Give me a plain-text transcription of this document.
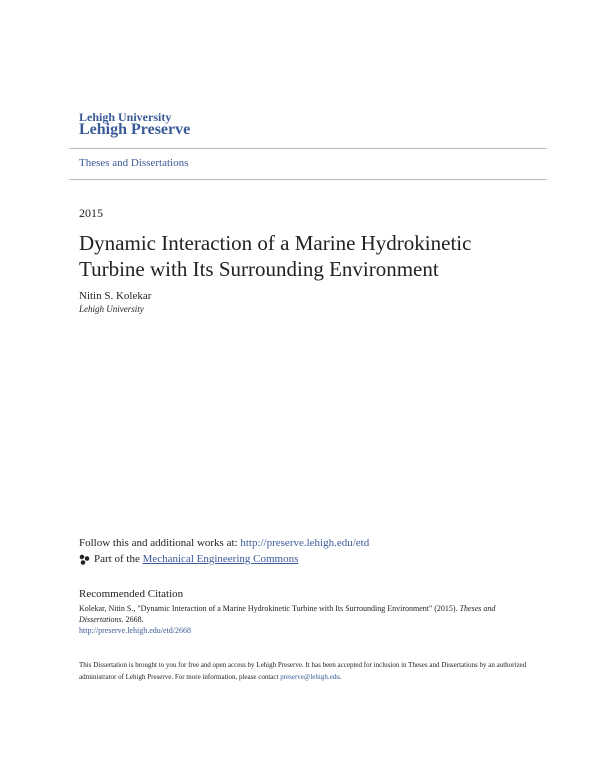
Lehigh University
Lehigh Preserve
Theses and Dissertations
2015
Dynamic Interaction of a Marine Hydrokinetic Turbine with Its Surrounding Environment
Nitin S. Kolekar
Lehigh University
Follow this and additional works at: http://preserve.lehigh.edu/etd
Part of the
Mechanical Engineering Commons
Recommended Citation
Kolekar, Nitin S., "Dynamic Interaction of a Marine Hydrokinetic Turbine with Its Surrounding Environment" (2015). Theses and Dissertations. 2668.
http://preserve.lehigh.edu/etd/2668
This Dissertation is brought to you for free and open access by Lehigh Preserve. It has been accepted for inclusion in Theses and Dissertations by an authorized administrator of Lehigh Preserve. For more information, please contact preserve@lehigh.edu.
